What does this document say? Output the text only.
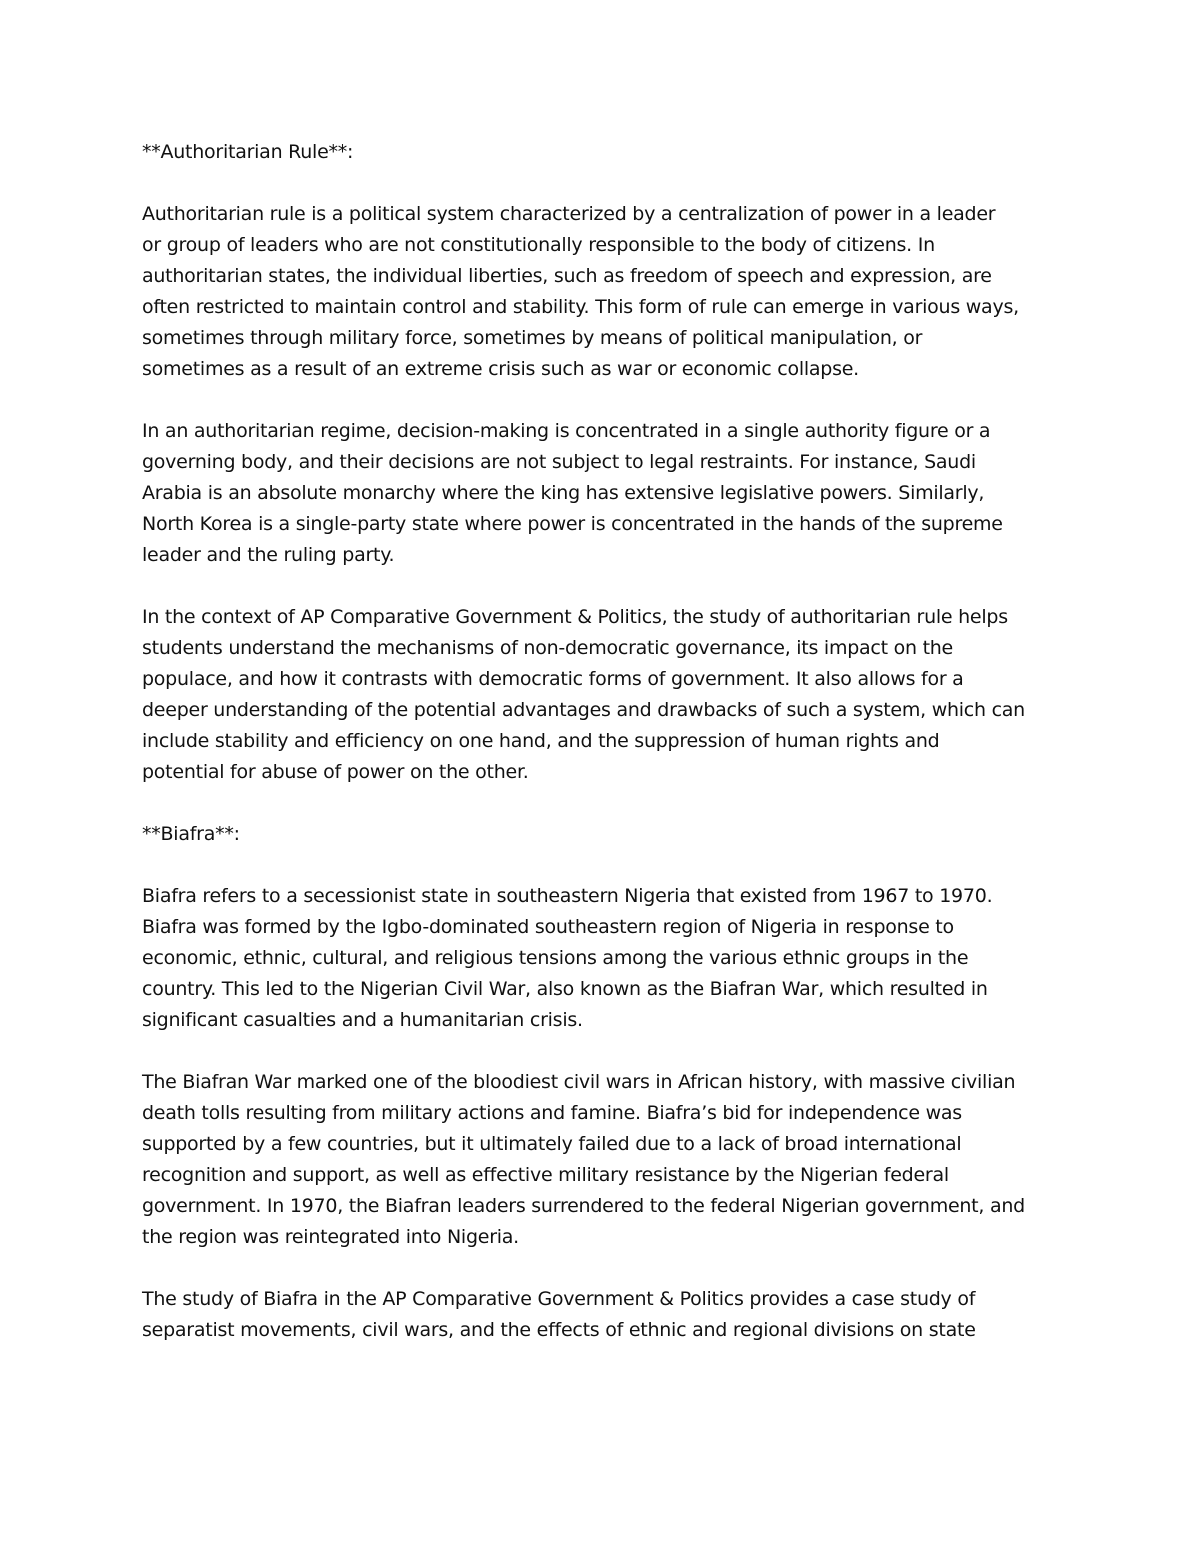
**Authoritarian Rule**:
Authoritarian rule is a political system characterized by a centralization of power in a leader
or group of leaders who are not constitutionally responsible to the body of citizens. In
authoritarian states, the individual liberties, such as freedom of speech and expression, are
often restricted to maintain control and stability. This form of rule can emerge in various ways,
sometimes through military force, sometimes by means of political manipulation, or
sometimes as a result of an extreme crisis such as war or economic collapse.
In an authoritarian regime, decision-making is concentrated in a single authority figure or a
governing body, and their decisions are not subject to legal restraints. For instance, Saudi
Arabia is an absolute monarchy where the king has extensive legislative powers. Similarly,
North Korea is a single-party state where power is concentrated in the hands of the supreme
leader and the ruling party.
In the context of AP Comparative Government & Politics, the study of authoritarian rule helps
students understand the mechanisms of non-democratic governance, its impact on the
populace, and how it contrasts with democratic forms of government. It also allows for a
deeper understanding of the potential advantages and drawbacks of such a system, which can
include stability and efficiency on one hand, and the suppression of human rights and
potential for abuse of power on the other.
**Biafra**:
Biafra refers to a secessionist state in southeastern Nigeria that existed from 1967 to 1970.
Biafra was formed by the Igbo-dominated southeastern region of Nigeria in response to
economic, ethnic, cultural, and religious tensions among the various ethnic groups in the
country. This led to the Nigerian Civil War, also known as the Biafran War, which resulted in
significant casualties and a humanitarian crisis.
The Biafran War marked one of the bloodiest civil wars in African history, with massive civilian
death tolls resulting from military actions and famine. Biafra’s bid for independence was
supported by a few countries, but it ultimately failed due to a lack of broad international
recognition and support, as well as effective military resistance by the Nigerian federal
government. In 1970, the Biafran leaders surrendered to the federal Nigerian government, and
the region was reintegrated into Nigeria.
The study of Biafra in the AP Comparative Government & Politics provides a case study of
separatist movements, civil wars, and the effects of ethnic and regional divisions on state
